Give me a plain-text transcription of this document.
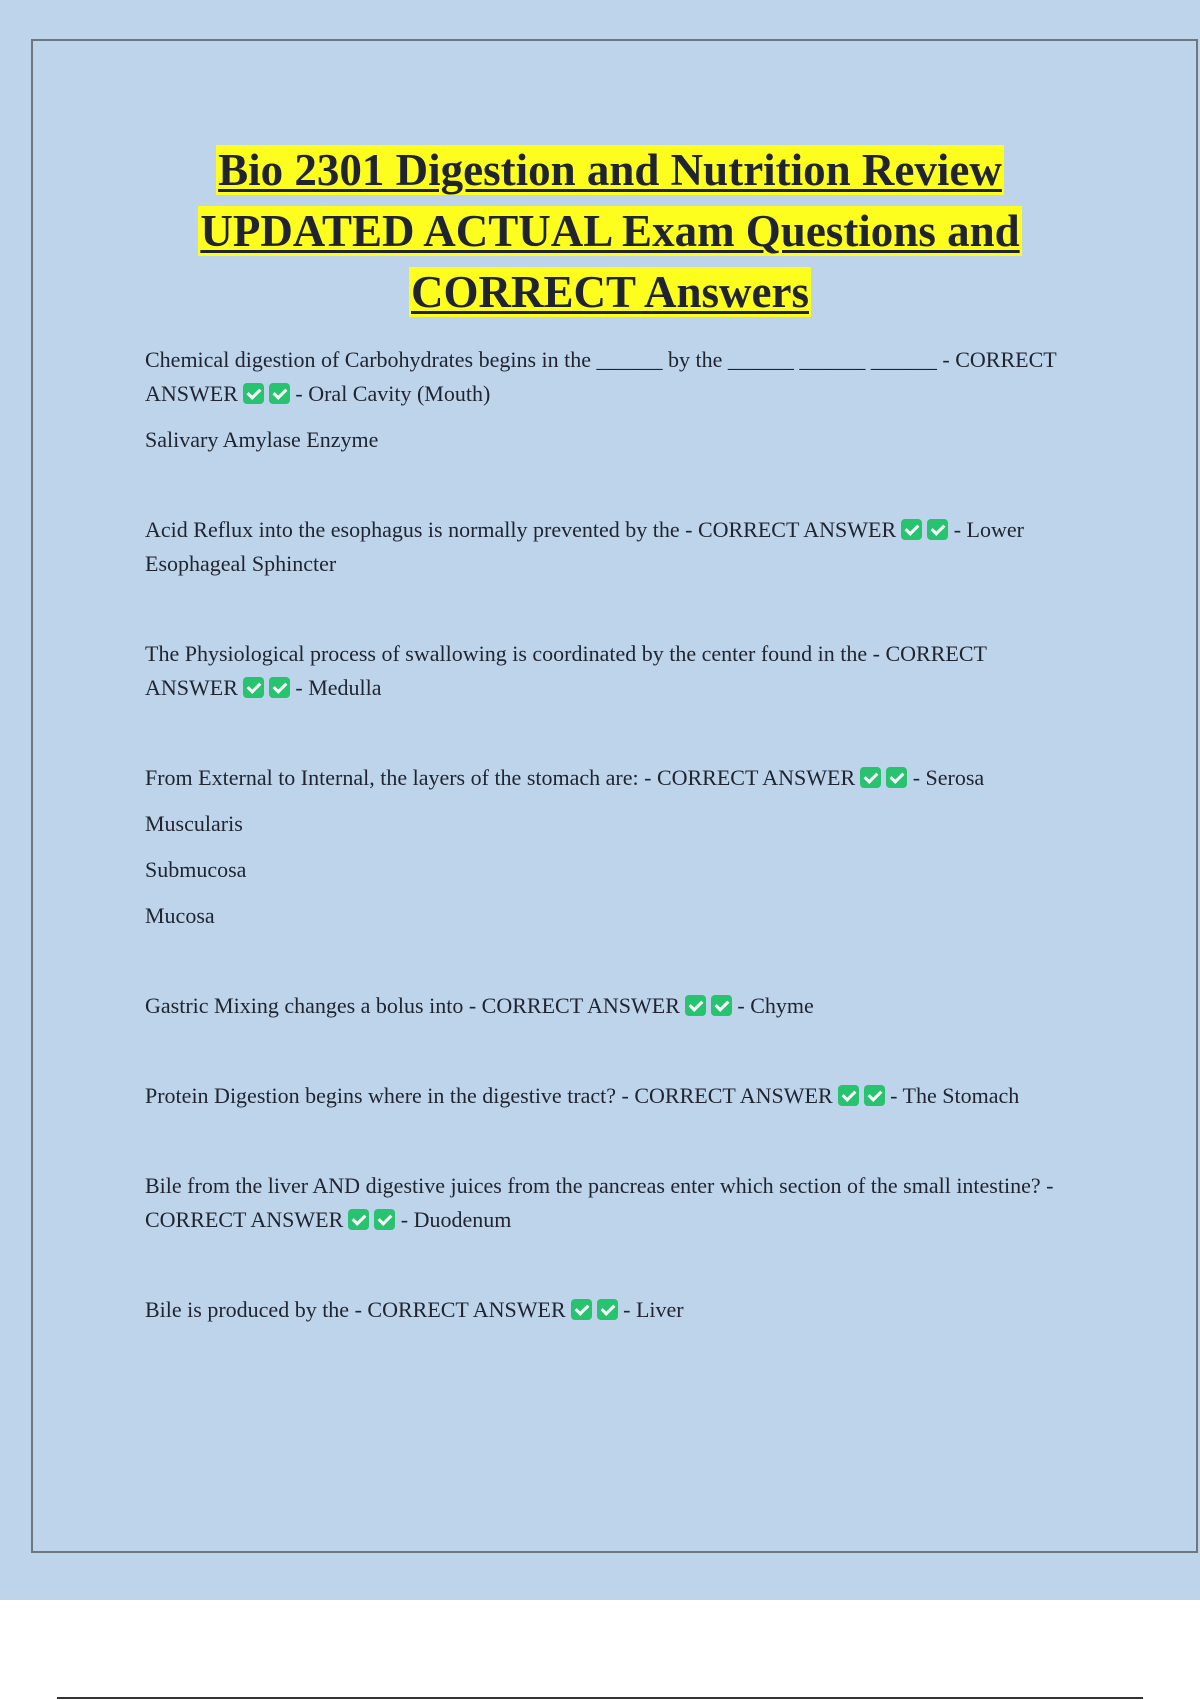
Bio 2301 Digestion and Nutrition Review UPDATED ACTUAL Exam Questions and CORRECT Answers

Chemical digestion of Carbohydrates begins in the ______ by the ______ ______ ______ - CORRECT ANSWER	- Oral Cavity (Mouth)

Salivary Amylase Enzyme

Acid Reflux into the esophagus is normally prevented by the - CORRECT ANSWER	- Lower Esophageal Sphincter

The Physiological process of swallowing is coordinated by the center found in the - CORRECT ANSWER	- Medulla

From External to Internal, the layers of the stomach are: - CORRECT ANSWER	- Serosa

Muscularis

Submucosa

Mucosa

Gastric Mixing changes a bolus into - CORRECT ANSWER	- Chyme

Protein Digestion begins where in the digestive tract? - CORRECT ANSWER	- The Stomach

Bile from the liver AND digestive juices from the pancreas enter which section of the small intestine? - CORRECT ANSWER	- Duodenum

Bile is produced by the - CORRECT ANSWER	- Liver
